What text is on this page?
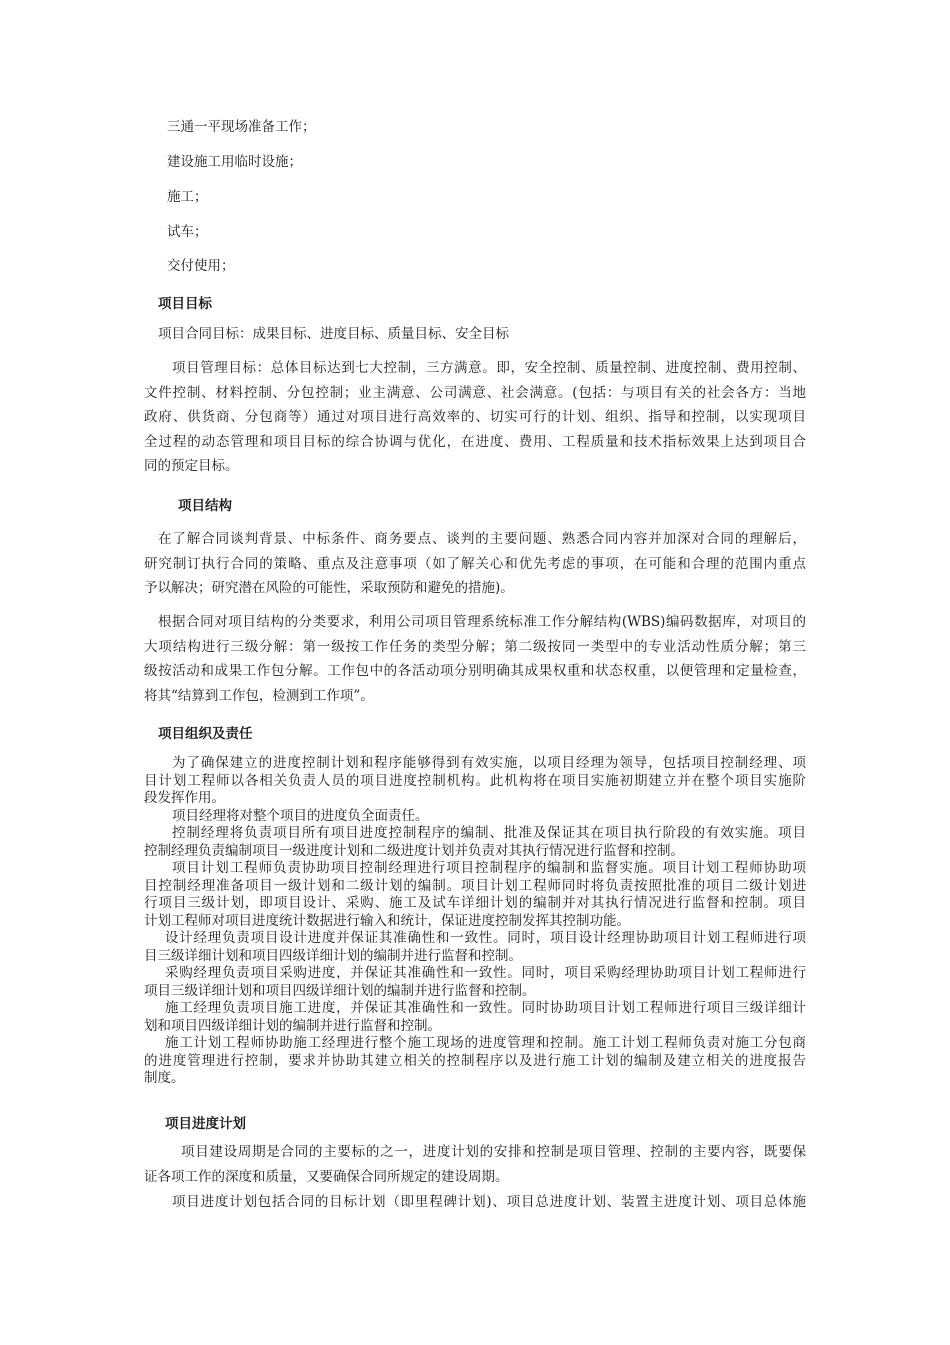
三通一平现场准备工作；
建设施工用临时设施；
施工；
试车；
交付使用；
项目目标
项目合同目标：成果目标、进度目标、质量目标、安全目标
项目管理目标：总体目标达到七大控制，三方满意。即，安全控制、质量控制、进度控制、费用控制、
文件控制、材料控制、分包控制；业主满意、公司满意、社会满意。(包括：与项目有关的社会各方：当地
政府、供货商、分包商等）通过对项目进行高效率的、切实可行的计划、组织、指导和控制，以实现项目
全过程的动态管理和项目目标的综合协调与优化，在进度、费用、工程质量和技术指标效果上达到项目合
同的预定目标。
项目结构
在了解合同谈判背景、中标条件、商务要点、谈判的主要问题、熟悉合同内容并加深对合同的理解后，
研究制订执行合同的策略、重点及注意事项（如了解关心和优先考虑的事项，在可能和合理的范围内重点
予以解决；研究潜在风险的可能性，采取预防和避免的措施)。
根据合同对项目结构的分类要求，利用公司项目管理系统标准工作分解结构(WBS)编码数据库，对项目的
大项结构进行三级分解：第一级按工作任务的类型分解；第二级按同一类型中的专业活动性质分解；第三
级按活动和成果工作包分解。工作包中的各活动项分别明确其成果权重和状态权重，以便管理和定量检查，
将其“结算到工作包，检测到工作项”。
项目组织及责任
为了确保建立的进度控制计划和程序能够得到有效实施，以项目经理为领导，包括项目控制经理、项
目计划工程师以各相关负责人员的项目进度控制机构。此机构将在项目实施初期建立并在整个项目实施阶
段发挥作用。
项目经理将对整个项目的进度负全面责任。
控制经理将负责项目所有项目进度控制程序的编制、批准及保证其在项目执行阶段的有效实施。项目
控制经理负责编制项目一级进度计划和二级进度计划并负责对其执行情况进行监督和控制。
项目计划工程师负责协助项目控制经理进行项目控制程序的编制和监督实施。项目计划工程师协助项
目控制经理准备项目一级计划和二级计划的编制。项目计划工程师同时将负责按照批准的项目二级计划进
行项目三级计划，即项目设计、采购、施工及试车详细计划的编制并对其执行情况进行监督和控制。项目
计划工程师对项目进度统计数据进行输入和统计，保证进度控制发挥其控制功能。
设计经理负责项目设计进度并保证其准确性和一致性。同时，项目设计经理协助项目计划工程师进行项
目三级详细计划和项目四级详细计划的编制并进行监督和控制。
采购经理负责项目采购进度，并保证其准确性和一致性。同时，项目采购经理协助项目计划工程师进行
项目三级详细计划和项目四级详细计划的编制并进行监督和控制。
施工经理负责项目施工进度，并保证其准确性和一致性。同时协助项目计划工程师进行项目三级详细计
划和项目四级详细计划的编制并进行监督和控制。
施工计划工程师协助施工经理进行整个施工现场的进度管理和控制。施工计划工程师负责对施工分包商
的进度管理进行控制，要求并协助其建立相关的控制程序以及进行施工计划的编制及建立相关的进度报告
制度。
项目进度计划
项目建设周期是合同的主要标的之一，进度计划的安排和控制是项目管理、控制的主要内容，既要保
证各项工作的深度和质量，又要确保合同所规定的建设周期。
项目进度计划包括合同的目标计划（即里程碑计划)、项目总进度计划、装置主进度计划、项目总体施
